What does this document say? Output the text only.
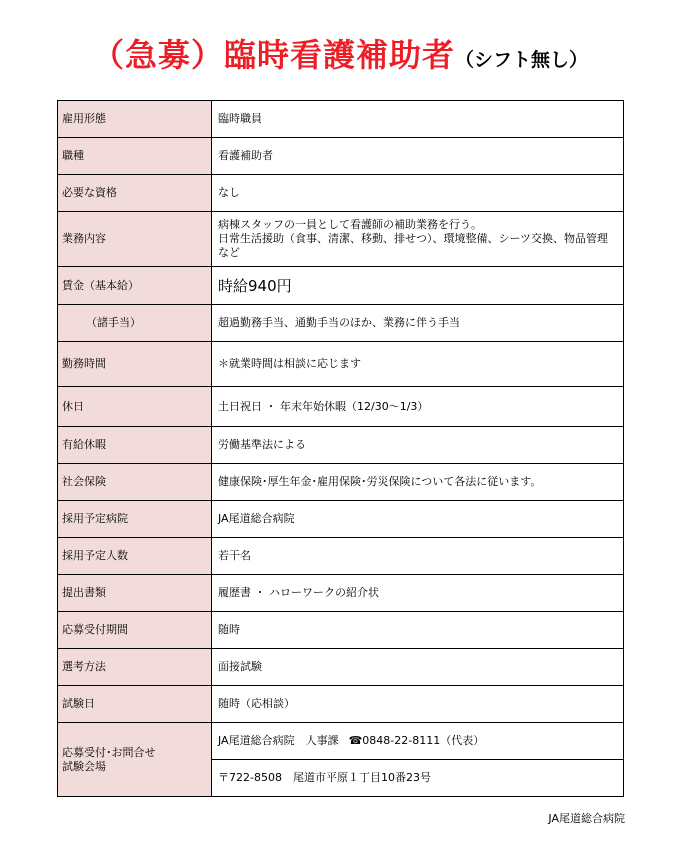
（急募）臨時看護補助者（シフト無し）
雇用形態	臨時職員
職種	看護補助者
必要な資格	なし
業務内容	病棟スタッフの一員として看護師の補助業務を行う。
日常生活援助（食事、清潔、移動、排せつ）、環境整備、シーツ交換、物品管理など

賃金（基本給）	時給940円
（諸手当）	超過勤務手当、通勤手当のほか、業務に伴う手当
勤務時間	＊就業時間は相談に応じます
休日	土日祝日 ・ 年末年始休暇（12/30～1/3）
有給休暇	労働基準法による
社会保険	健康保険･厚生年金･雇用保険･労災保険について各法に従います。
採用予定病院	JA尾道総合病院
採用予定人数	若干名
提出書類	履歴書 ・ ハローワークの紹介状
応募受付期間	随時
選考方法	面接試験
試験日	随時（応相談）

応募受付･お問合せ
試験会場	JA尾道総合病院　人事課 ☎0848-22-8111（代表）
	〒722-8508　尾道市平原１丁目10番23号
JA尾道総合病院
